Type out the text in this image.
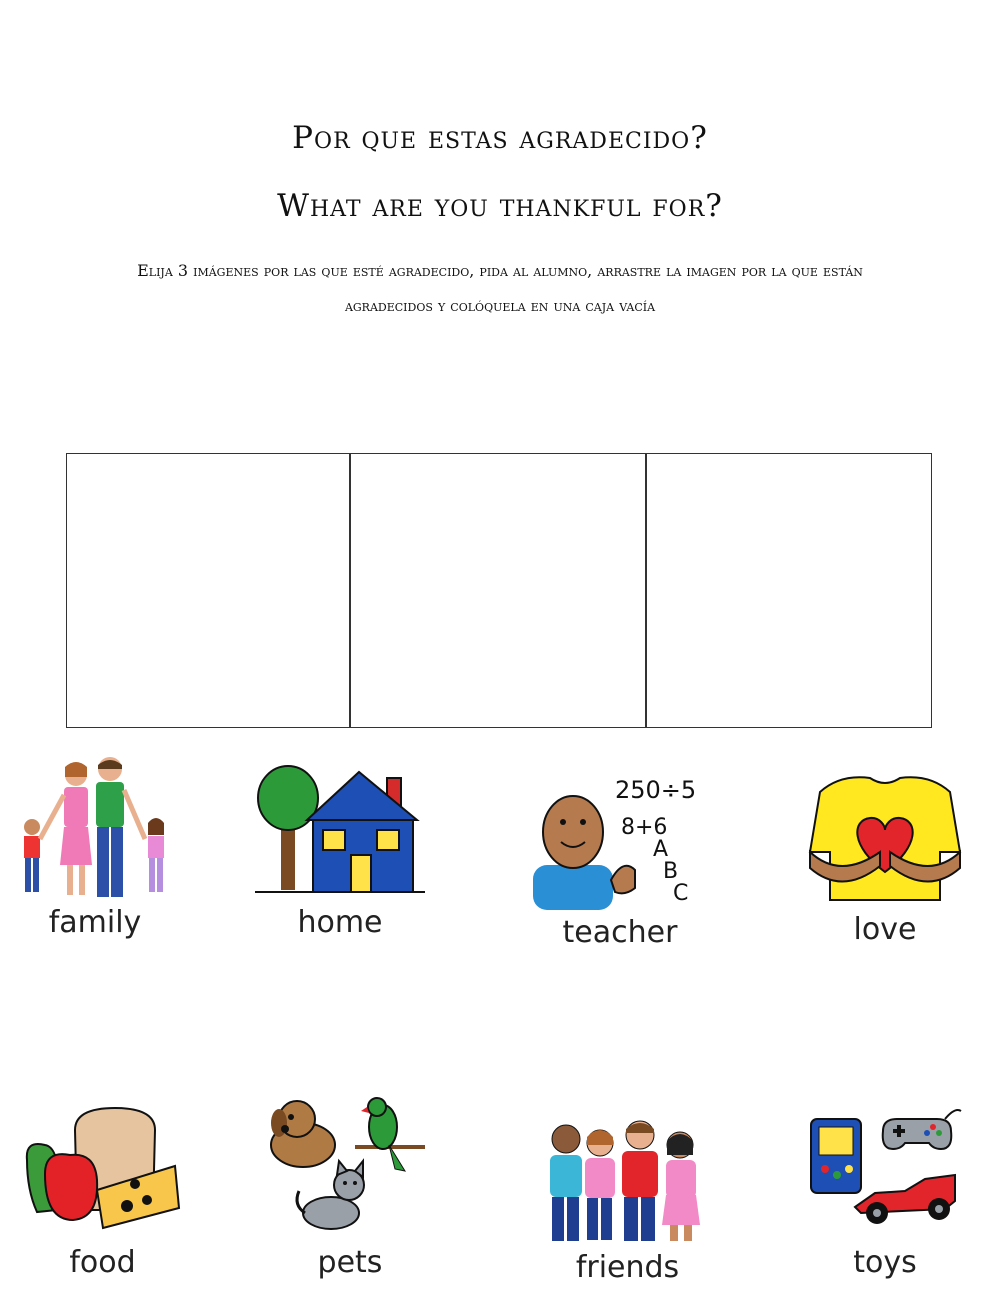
Por que estas agradecido?
What are you thankful for?
Elija 3 imágenes por las que esté agradecido, pida al alumno, arrastre la imagen por la que están agradecidos y colóquela en una caja vacía
family	home
250÷5
8+6
A
B
C
teacher	love
food	pets	friends	toys
